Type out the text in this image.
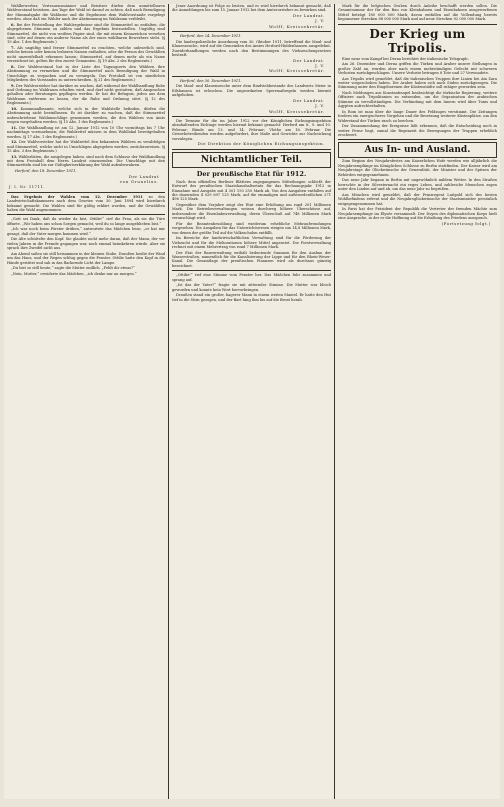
Wahlbewerber, Vertrauensmänner und Beisitzer dürfen dem unmittelbaren Wahlvorstand beisitzen. Am Tage der Wahl ist darauf zu achten, daß nach Beendigung der Stimmabgabe die Wahlurne und die Ergebnisse dem Wahlvorstande vorgelegt werden, ohne daß ein Wähler nach der Abstimmung im Wahlraum verbleibt.

6. Bei der Feststellung der Wahlergebnisse sind die Stimmzettel zu entfalten, die abgegebenen Stimmen zu zählen und das Ergebnis festzustellen. Ungültig sind Stimmzettel, die nicht von weißem Papier sind, die mit einem Kennzeichen versehen sind, oder auf denen ein anderer Name als der eines wählbaren Bewerbers steht. (§ 19 Abs. 1 des Reglements.)

7. Als ungültig sind ferner Stimmzettel zu erachten, welche unleserlich sind, welche keinen oder keinen lesbaren Namen enthalten, oder die Person des Gewählten nicht unzweifelhaft erkennen lassen; Stimmzettel, auf denen mehr als ein Name verzeichnet ist, gelten für den zuerst Genannten. (§ 19 Abs. 2 des Reglements.)

8. Der Wahlvorstand hat in der Liste des Tagungsorts den Wählern ihre Abstimmung zu vermerken und die Stimmzettel nach Beendigung der Wahl in Umschläge zu verpacken und zu versiegeln. Das Protokoll ist von sämtlichen Mitgliedern des Vorstandes zu unterschreiben. (§ 21 des Reglements.)

9. Der Wahlvorsteher hat darüber zu wachen, daß während der Wahlhandlung Ruhe und Ordnung im Wahlraum erhalten wird, und darf nicht gestatten, daß Ansprachen gehalten oder Beratungen gepflogen werden. Er hat die Befugnis, jeden aus dem Wahlraum entfernen zu lassen, der die Ruhe und Ordnung stört. (§ 12 des Reglements.)

10. Kommunalbeamte, welche sich in der Wahlstelle befinden, dürfen die Abstimmung nicht beeinflussen. Es ist darüber zu wachen, daß die Stimmzettel unbeschriebene Wahlumschläge genommen werden, die den Wählern von Amts wegen vorgehalten werden. (§ 15 Abs. 1 des Reglements.)

11. Die Wahlhandlung ist am 12. Januar 1912 von 10 Uhr vormittags bis 7 Uhr nachmittags vorzunehmen; die Wahlzettel müssen in dem Wahllokal bereitgehalten werden. (§ 17 Abs. 1 des Reglements.)

12. Der Wahlvorsteher hat die Wahlzettel den bekannten Wählern zu verabfolgen und Stimmzettel, welche nicht in Umschlägen abgegeben werden, zurückzuweisen. (§ 15 Abs. 3 des Reglements.)

13. Wählerlisten, die ausgelegen haben, sind nach dem Schlusse der Wahlhandlung mit dem Protokoll dem Herrn Landrat einzusenden. Die Umschläge mit den Stimmzetteln sind bis zur Gültigkeitserklärung der Wahl aufzubewahren.

Herford, den 18. Dezember 1911.

Der Landrat
von Grunelius.
J. I. Nr. 11711.

Das Ergebnis der Wahlen vom 12. Dezember 1911 zu den Landwirtschaftskammern nach dem Gesetze vom 30. Juni 1894 wird hierdurch bekannt gemacht. Die Wahlen sind für gültig erklärt worden, und die Gewählten haben die Wahl angenommen.

„Gott sei Dank, daß du wieder da bist, Ottilie!“ rief die Frau, als sie die Türe öffnete. „Wir haben uns schon Sorgen gemacht, weil du so lange ausgeblieben bist.“

„Ich war noch beim Förster drüben,“ antwortete das Mädchen leise, „er hat mir gesagt, daß der Vater morgen kommen wird.“

Die Alte schüttelte den Kopf. Sie glaubte nicht mehr daran, daß der Mann, der vor vielen Jahren in die Fremde gegangen war, noch einmal heimkehren würde. Aber sie sprach ihre Zweifel nicht aus.

Am Abend saßen sie still beisammen in der kleinen Stube. Draußen heulte der Wind um das Haus, und der Regen schlug gegen die Fenster. Ottilie hatte den Kopf in die Hände gestützt und sah in das flackernde Licht der Lampe.

„Du bist so still heute,“ sagte die Mutter endlich. „Fehlt dir etwas?“

„Nein, Mutter,“ erwiderte das Mädchen, „ich denke nur an morgen.“

Jener Anordnung ist Folge zu leisten, und es wird hierdurch bekannt gemacht, daß die Anmeldungen bis zum 15. Januar 1912 bei dem Amtsvorsteher zu bewirken sind.

Der Landrat.
J. V.
Wolff, Kreissekretär.

Herford, den 24. Dezember 1911.

Die landespolizeiliche Anordnung vom 30. Oktober 1911, betreffend die Maul- und Klauenseuche, wird auf die Gemeinden des Amtes Herford-Hiddenhausen ausgedehnt. Zuwiderhandlungen werden nach den Bestimmungen des Viehseuchengesetzes bestraft.

Der Landrat.
J. V.
Wolff, Kreissekretär.

Herford, den 30. Dezember 1911.

Die Maul- und Klauenseuche unter dem Rindviehbestande des Landwirts Meier in Eilshausen ist erloschen. Die angeordneten Sperrmaßregeln werden hiermit aufgehoben.

Der Landrat.
J. V.
Wolff, Kreissekretär.

Die Termine für die im Jahre 1912 vor der Königlichen Eichungsinspektion abzuhaltenden Eichtage werden hiermit bekannt gemacht: Herford am 8., 9. und 10. Februar; Bünde am 13. und 14. Februar; Vlotho am 16. Februar. Die Gewerbetreibenden werden aufgefordert, ihre Maße und Gewichte zur Nacheichung vorzulegen.

Die Direktion der Königlichen Eichungsinspektion.
Nichtamtlicher Teil.
Der preußische Etat für 1912.

Nach dem offiziellen Berliner Blättern zugegangenen Mitteilungen schließt der Entwurf des preußischen Staatshaushaltsetats für das Rechnungsjahr 1912 in Einnahme und Ausgabe mit 4 301 193 250 Mark ab. Von den Ausgaben entfallen auf die dauernden 4 029 697 125 Mark, auf die einmaligen und außerordentlichen 271 496 125 Mark.

Gegenüber dem Vorjahre zeigt der Etat eine Erhöhung um rund 201 Millionen Mark. Die Betriebsverwaltungen weisen durchweg höhere Überschüsse auf, insbesondere die Eisenbahnverwaltung, deren Überschuß auf 748 Millionen Mark veranschlagt wird.

Für die Beamtenbesoldung sind wiederum erhebliche Mehraufwendungen vorgesehen. Die Ausgaben für das Unterrichtswesen steigen um 14,8 Millionen Mark, von denen der größte Teil auf die Volksschulen entfällt.

Im Bereiche der landwirtschaftlichen Verwaltung sind für die Förderung der Viehzucht und für die Meliorationen höhere Mittel angesetzt. Die Forstverwaltung rechnet mit einem Mehrertrag von rund 7 Millionen Mark.

Der Etat der Bauverwaltung enthält bedeutende Summen für den Ausbau der Wasserstraßen, namentlich für die Kanalisierung der Lippe und für den Rhein-Weser-Kanal. Die Gesamtlage der preußischen Finanzen wird als durchaus günstig bezeichnet.

„Ottilie!“ rief eine Stimme vom Fenster her. Das Mädchen fuhr zusammen und sprang auf.

„Ist das der Vater?“ fragte sie mit zitternder Stimme. Die Mutter war bleich geworden und konnte kein Wort hervorbringen.

Draußen stand ein großer, hagerer Mann in einem weiten Mantel. Er hatte den Hut tief in die Stirn gezogen, und der Bart hing ihm bis auf die Brust herab.

Mark für die belgischen Gruben durch Anleihe beschafft werden sollen. Die Gesamtsumme der für den Bau von Kleinbahnen und Eisenbahnen ausgeworfenen Mittel beträgt 180 000 000 Mark; davon entfallen auf die Vollendung bereits begonnener Strecken 88 000 000 Mark und auf neue Strecken 92 000 000 Mark.

Der Krieg um Tripolis.

Eine neue vom Kampf bei Derna berichtet der italienische Telegraph:

Am 26. Dezember und Derna griffen die Türken und Araber unsere Stellungen in großer Zahl an, wurden aber nach einem mehrstündigen Gefecht mit schweren Verlusten zurückgeschlagen. Unsere Verluste betragen 8 Tote und 27 Verwundete.

Aus Tripolis wird gemeldet, daß die italienischen Truppen ihre Linien bei Ain Zara weiter vorgeschoben haben. Die Araber haben sich nach Süden zurückgezogen. Die Stimmung unter den Eingeborenen der Küstenstädte soll ruhiger geworden sein.

Nach Meldungen aus Konstantinopel beabsichtigt die türkische Regierung, weitere Offiziere nach Tripolitanien zu entsenden, um die Organisation der arabischen Stämme zu vervollständigen. Die Verbindung mit dem Innern wird über Tunis und Ägypten aufrechterhalten.

In Rom ist man über die lange Dauer des Feldzuges verstimmt. Die Zeitungen fordern ein energischeres Vorgehen und die Besetzung weiterer Küstenplätze, um den Widerstand der Türken rasch zu brechen.

Der Zusammenhang der Ereignisse läßt erkennen, daß die Entscheidung noch in weiter Ferne liegt, zumal die Regenzeit die Bewegungen der Truppen erheblich erschwert.

Aus In- und Ausland.

Zum Beginn des Neujahrsfestes am Kaiserlichen Hofe werden wie alljährlich die Neujahrsempfänge im Königlichen Schlosse zu Berlin stattfinden. Der Kaiser wird am Neujahrstage die Glückwünsche der Generalität, der Minister und der Spitzen der Behörden entgegennehmen.

Das neue Jahr begann in Berlin mit ungewöhnlich mildem Wetter. In den Straßen herrschte in der Silvesternacht ein reges Leben, und zahlreiche Menschen zogen unter den Linden auf und ab, um das neue Jahr zu begrüßen.

Aus München wird gemeldet, daß der Prinzregent Luitpold sich des besten Wohlbefindens erfreut und die Neujahrsglückwünsche der Staatsminister persönlich entgegengenommen hat.

In Paris hat der Präsident der Republik die Vertreter der fremden Mächte zum Neujahrsempfange im Elysée versammelt. Der Doyen des diplomatischen Korps hielt eine Ansprache, in der er die Hoffnung auf die Erhaltung des Friedens aussprach.

(Fortsetzung folgt.)
